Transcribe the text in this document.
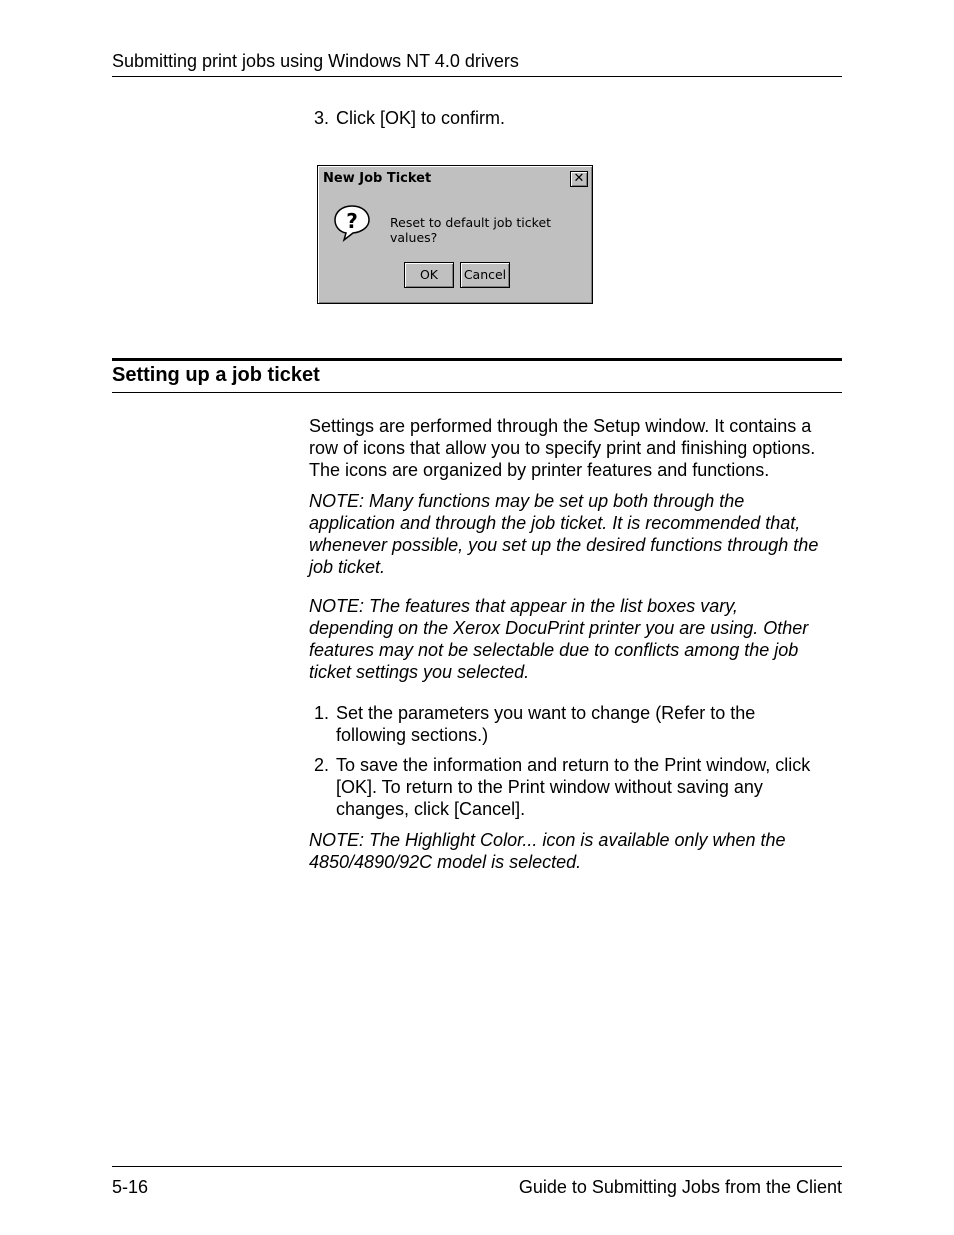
Submitting print jobs using Windows NT 4.0 drivers
3. Click [OK] to confirm.
New Job Ticket	✕
?	Reset to default job ticket values?
OK	Cancel
Setting up a job ticket
Settings are performed through the Setup window. It contains a
row of icons that allow you to specify print and finishing options.
The icons are organized by printer features and functions.
NOTE: Many functions may be set up both through the
application and through the job ticket. It is recommended that,
whenever possible, you set up the desired functions through the
job ticket.
NOTE: The features that appear in the list boxes vary,
depending on the Xerox DocuPrint printer you are using. Other
features may not be selectable due to conflicts among the job
ticket settings you selected.
1. Set the parameters you want to change (Refer to the
following sections.)
2. To save the information and return to the Print window, click
[OK]. To return to the Print window without saving any
changes, click [Cancel].
NOTE: The Highlight Color... icon is available only when the
4850/4890/92C model is selected.
5-16	Guide to Submitting Jobs from the Client
